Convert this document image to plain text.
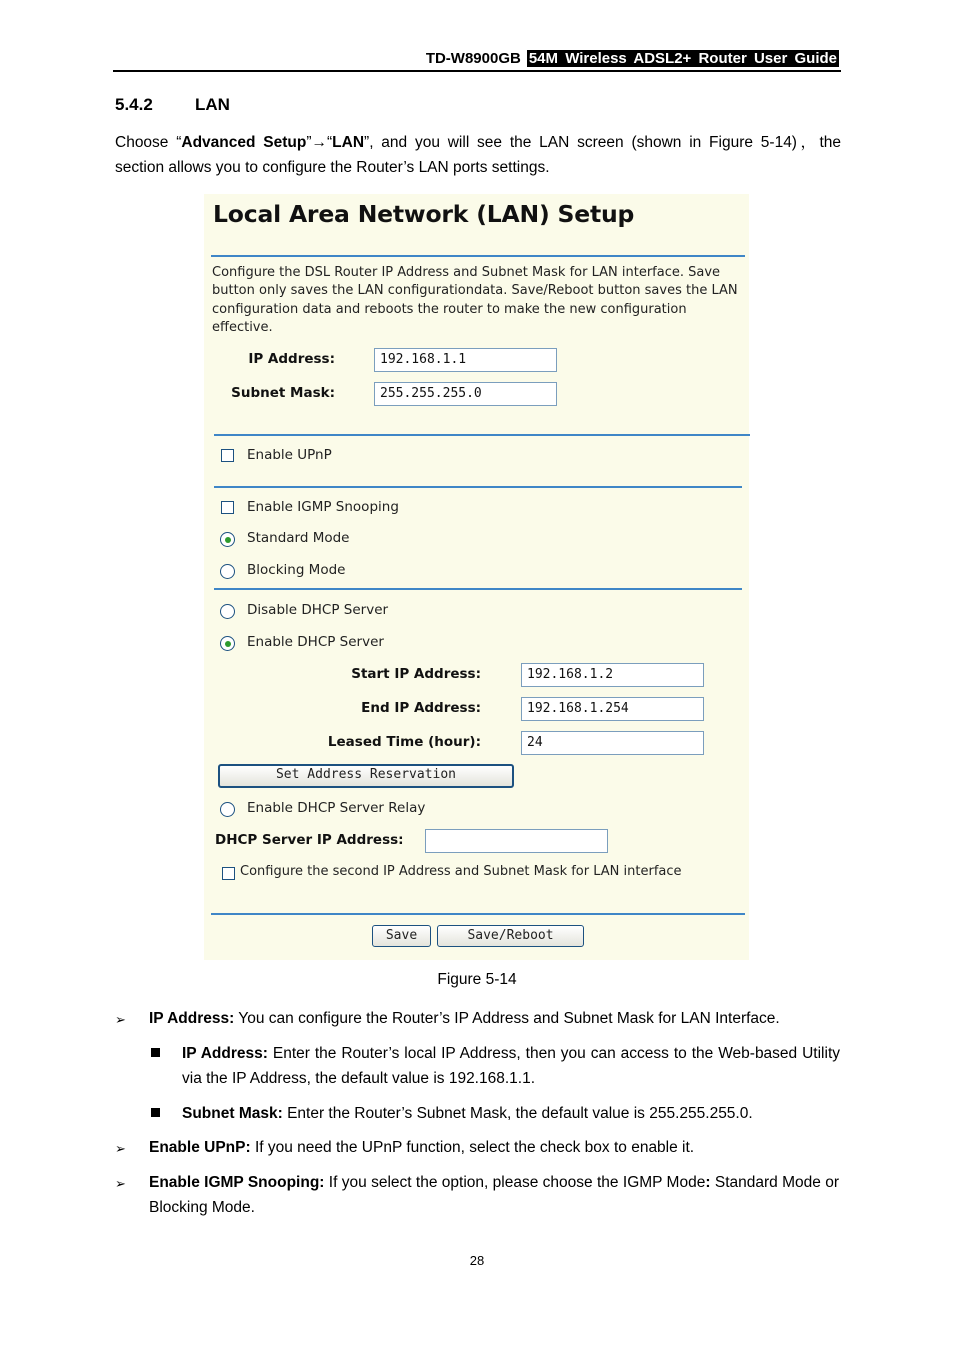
TD-W8900GB 54M Wireless ADSL2+ Router User Guide
5.4.2 LAN
Choose “Advanced Setup”→“LAN”, and you will see the LAN screen (shown in Figure 5-14)，the section allows you to configure the Router’s LAN ports settings.
Local Area Network (LAN) Setup
Configure the DSL Router IP Address and Subnet Mask for LAN interface. Save button only saves the LAN configurationdata. Save/Reboot button saves the LAN configuration data and reboots the router to make the new configuration effective.
IP Address:	192.168.1.1
Subnet Mask:	255.255.255.0
Enable UPnP
Enable IGMP Snooping
Standard Mode
Blocking Mode
Disable DHCP Server
Enable DHCP Server
Start IP Address:	192.168.1.2
End IP Address:	192.168.1.254
Leased Time (hour):	24
Set Address Reservation
Enable DHCP Server Relay
DHCP Server IP Address:
Configure the second IP Address and Subnet Mask for LAN interface
Save	Save/Reboot
Figure 5-14
➢ IP Address: You can configure the Router’s IP Address and Subnet Mask for LAN Interface.
IP Address: Enter the Router’s local IP Address, then you can access to the Web-based Utility via the IP Address, the default value is 192.168.1.1.
Subnet Mask: Enter the Router’s Subnet Mask, the default value is 255.255.255.0.
➢ Enable UPnP: If you need the UPnP function, select the check box to enable it.
➢ Enable IGMP Snooping: If you select the option, please choose the IGMP Mode: Standard Mode or Blocking Mode.
28
